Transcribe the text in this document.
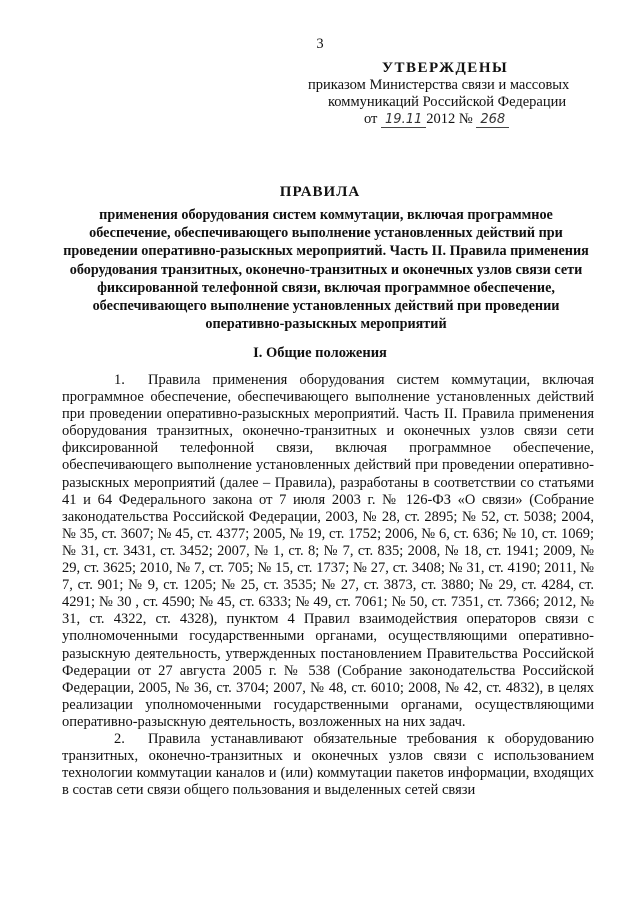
3
УТВЕРЖДЕНЫ
приказом Министерства связи и массовых
коммуникаций Российской Федерации
от 19.11 2012 № 268
ПРАВИЛА
применения оборудования систем коммутации, включая программное обеспечение, обеспечивающего выполнение установленных действий при проведении оперативно-разыскных мероприятий. Часть II. Правила применения оборудования транзитных, оконечно-транзитных и оконечных узлов связи сети фиксированной телефонной связи, включая программное обеспечение, обеспечивающего выполнение установленных действий при проведении оперативно-разыскных мероприятий
I. Общие положения

1. Правила применения оборудования систем коммутации, включая программное обеспечение, обеспечивающего выполнение установленных действий при проведении оперативно-разыскных мероприятий. Часть II. Правила применения оборудования транзитных, оконечно-транзитных и оконечных узлов связи сети фиксированной телефонной связи, включая программное обеспечение, обеспечивающего выполнение установленных действий при проведении оперативно-разыскных мероприятий (далее – Правила), разработаны в соответствии со статьями 41 и 64 Федерального закона от 7 июля 2003 г. № 126-ФЗ «О связи» (Собрание законодательства Российской Федерации, 2003, № 28, ст. 2895; № 52, ст. 5038; 2004, № 35, ст. 3607; № 45, ст. 4377; 2005, № 19, ст. 1752; 2006, № 6, ст. 636; № 10, ст. 1069; № 31, ст. 3431, ст. 3452; 2007, № 1, ст. 8; № 7, ст. 835; 2008, № 18, ст. 1941; 2009, № 29, ст. 3625; 2010, № 7, ст. 705; № 15, ст. 1737; № 27, ст. 3408; № 31, ст. 4190; 2011, № 7, ст. 901; № 9, ст. 1205; № 25, ст. 3535; № 27, ст. 3873, ст. 3880; № 29, ст. 4284, ст. 4291; № 30 , ст. 4590; № 45, ст. 6333; № 49, ст. 7061; № 50, ст. 7351, ст. 7366; 2012, № 31, ст. 4322, ст. 4328), пунктом 4 Правил взаимодействия операторов связи с уполномоченными государственными органами, осуществляющими оперативно-разыскную деятельность, утвержденных постановлением Правительства Российской Федерации от 27 августа 2005 г. № 538 (Собрание законодательства Российской Федерации, 2005, № 36, ст. 3704; 2007, № 48, ст. 6010; 2008, № 42, ст. 4832), в целях реализации уполномоченными государственными органами, осуществляющими оперативно-разыскную деятельность, возложенных на них задач.

2. Правила устанавливают обязательные требования к оборудованию транзитных, оконечно-транзитных и оконечных узлов связи с использованием технологии коммутации каналов и (или) коммутации пакетов информации, входящих в состав сети связи общего пользования и выделенных сетей связи
